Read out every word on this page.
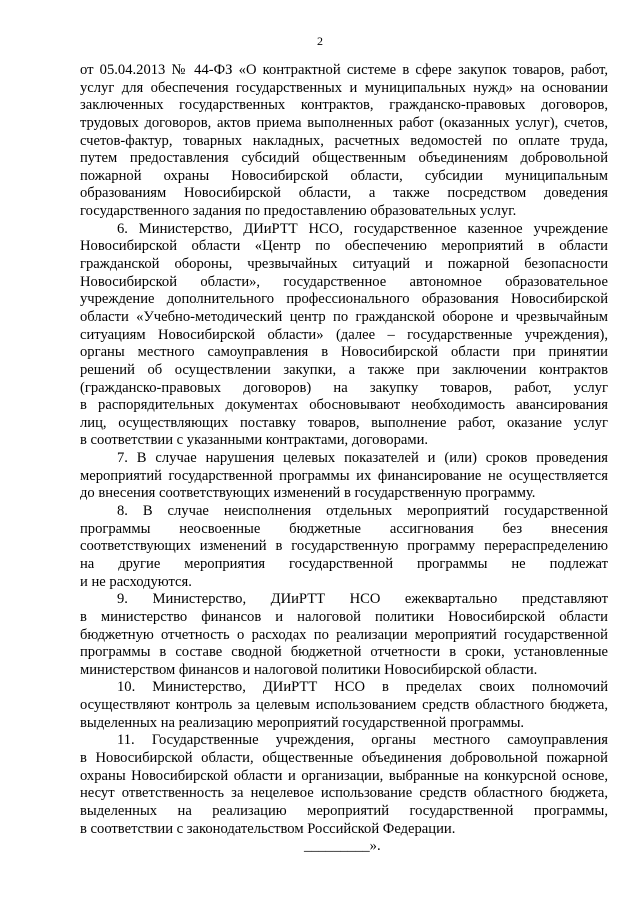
2
от 05.04.2013 № 44-ФЗ «О контрактной системе в сфере закупок товаров, работ,
услуг для обеспечения государственных и муниципальных нужд» на основании
заключенных государственных контрактов, гражданско-правовых договоров,
трудовых договоров, актов приема выполненных работ (оказанных услуг), счетов,
счетов-фактур, товарных накладных, расчетных ведомостей по оплате труда,
путем предоставления субсидий общественным объединениям добровольной
пожарной охраны Новосибирской области, субсидии муниципальным
образованиям Новосибирской области, а также посредством доведения
государственного задания по предоставлению образовательных услуг.
6. Министерство, ДИиРТТ НСО, государственное казенное учреждение
Новосибирской области «Центр по обеспечению мероприятий в области
гражданской обороны, чрезвычайных ситуаций и пожарной безопасности
Новосибирской области», государственное автономное образовательное
учреждение дополнительного профессионального образования Новосибирской
области «Учебно-методический центр по гражданской обороне и чрезвычайным
ситуациям Новосибирской области» (далее – государственные учреждения),
органы местного самоуправления в Новосибирской области при принятии
решений об осуществлении закупки, а также при заключении контрактов
(гражданско-правовых договоров) на закупку товаров, работ, услуг
в распорядительных документах обосновывают необходимость авансирования
лиц, осуществляющих поставку товаров, выполнение работ, оказание услуг
в соответствии с указанными контрактами, договорами.
7. В случае нарушения целевых показателей и (или) сроков проведения
мероприятий государственной программы их финансирование не осуществляется
до внесения соответствующих изменений в государственную программу.
8. В случае неисполнения отдельных мероприятий государственной
программы неосвоенные бюджетные ассигнования без внесения
соответствующих изменений в государственную программу перераспределению
на другие мероприятия государственной программы не подлежат
и не расходуются.
9. Министерство, ДИиРТТ НСО ежеквартально представляют
в министерство финансов и налоговой политики Новосибирской области
бюджетную отчетность о расходах по реализации мероприятий государственной
программы в составе сводной бюджетной отчетности в сроки, установленные
министерством финансов и налоговой политики Новосибирской области.
10. Министерство, ДИиРТТ НСО в пределах своих полномочий
осуществляют контроль за целевым использованием средств областного бюджета,
выделенных на реализацию мероприятий государственной программы.
11. Государственные учреждения, органы местного самоуправления
в Новосибирской области, общественные объединения добровольной пожарной
охраны Новосибирской области и организации, выбранные на конкурсной основе,
несут ответственность за нецелевое использование средств областного бюджета,
выделенных на реализацию мероприятий государственной программы,
в соответствии с законодательством Российской Федерации.
_________».
